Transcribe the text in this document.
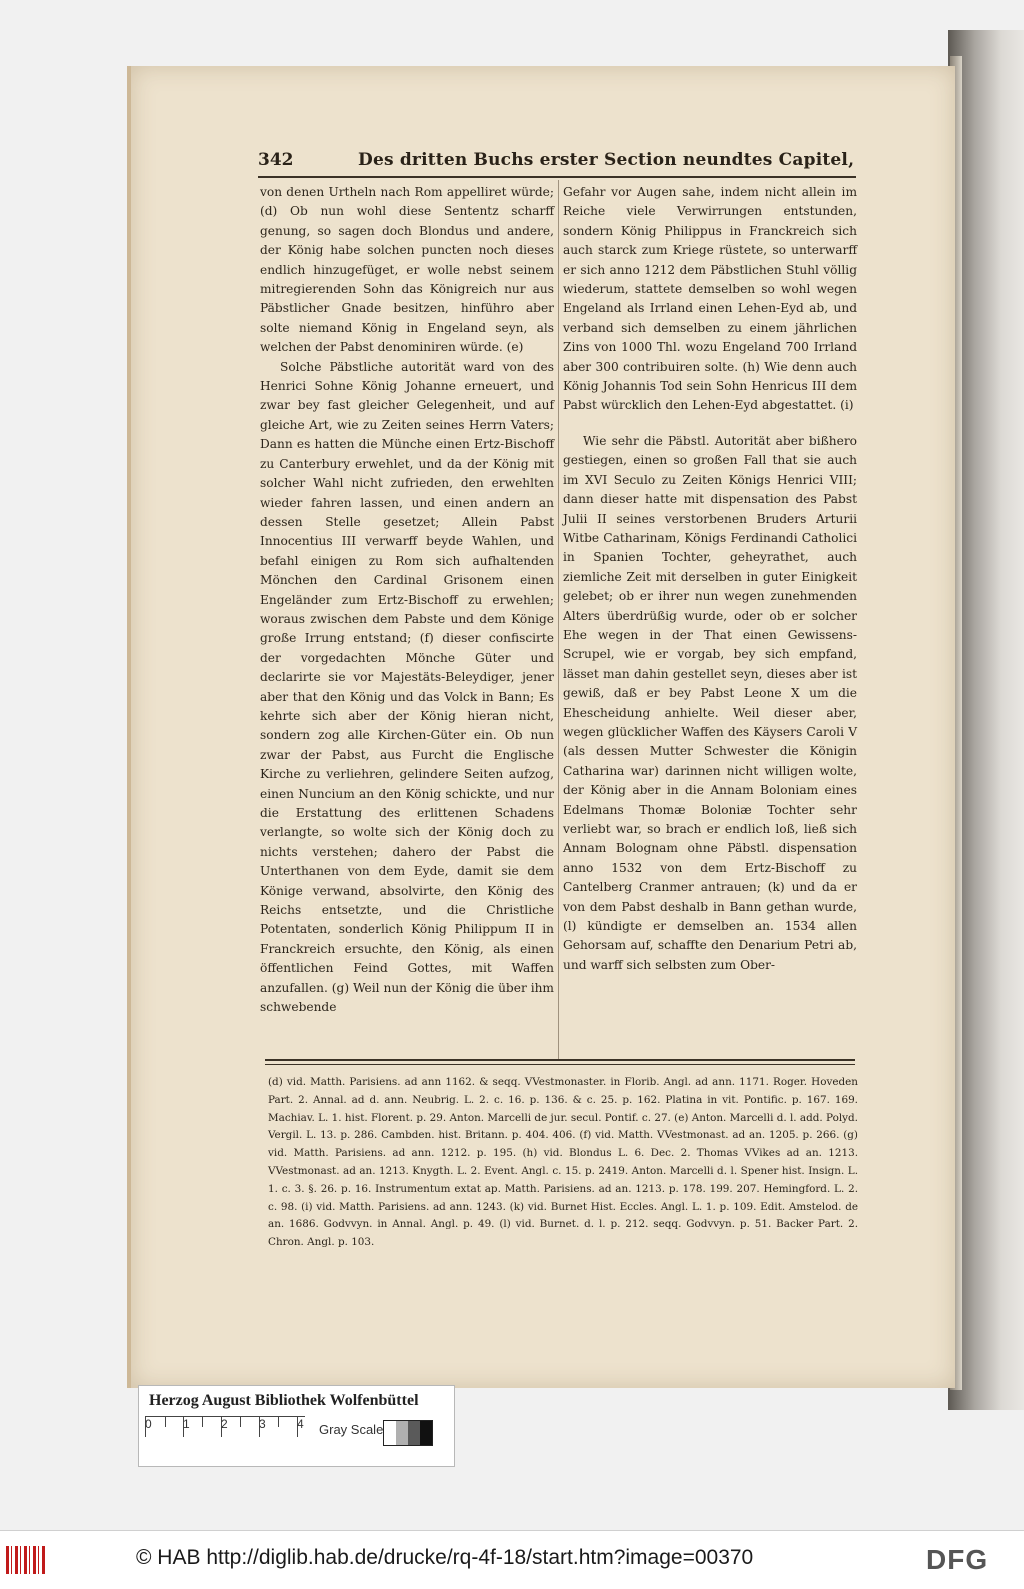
342	Des dritten Buchs erster Section neundtes Capitel,

von denen Urtheln nach Rom appelliret würde; (d) Ob nun wohl diese Sententz scharff genung, so sagen doch Blondus und andere, der König habe solchen puncten noch dieses endlich hinzugefüget, er wolle nebst seinem mitregierenden Sohn das Königreich nur aus Päbstlicher Gnade besitzen, hinführo aber solte niemand König in Engeland seyn, als welchen der Pabst denominiren würde. (e)

Solche Päbstliche autorität ward von des Henrici Sohne König Johanne erneuert, und zwar bey fast gleicher Gelegenheit, und auf gleiche Art, wie zu Zeiten seines Herrn Vaters; Dann es hatten die Münche einen Ertz-Bischoff zu Canterbury erwehlet, und da der König mit solcher Wahl nicht zufrieden, den erwehlten wieder fahren lassen, und einen andern an dessen Stelle gesetzet; Allein Pabst Innocentius III verwarff beyde Wahlen, und befahl einigen zu Rom sich aufhaltenden Mönchen den Cardinal Grisonem einen Engeländer zum Ertz-Bischoff zu erwehlen; woraus zwischen dem Pabste und dem Könige große Irrung entstand; (f) dieser confiscirte der vorgedachten Mönche Güter und declarirte sie vor Majestäts-Beleydiger, jener aber that den König und das Volck in Bann; Es kehrte sich aber der König hieran nicht, sondern zog alle Kirchen-Güter ein. Ob nun zwar der Pabst, aus Furcht die Englische Kirche zu verliehren, gelindere Seiten aufzog, einen Nuncium an den König schickte, und nur die Erstattung des erlittenen Schadens verlangte, so wolte sich der König doch zu nichts verstehen; dahero der Pabst die Unterthanen von dem Eyde, damit sie dem Könige verwand, absolvirte, den König des Reichs entsetzte, und die Christliche Potentaten, sonderlich König Philippum II in Franckreich ersuchte, den König, als einen öffentlichen Feind Gottes, mit Waffen anzufallen. (g) Weil nun der König die über ihm schwebende

Gefahr vor Augen sahe, indem nicht allein im Reiche viele Verwirrungen entstunden, sondern König Philippus in Franckreich sich auch starck zum Kriege rüstete, so unterwarff er sich anno 1212 dem Päbstlichen Stuhl völlig wiederum, stattete demselben so wohl wegen Engeland als Irrland einen Lehen-Eyd ab, und verband sich demselben zu einem jährlichen Zins von 1000 Thl. wozu Engeland 700 Irrland aber 300 contribuiren solte. (h) Wie denn auch König Johannis Tod sein Sohn Henricus III dem Pabst würcklich den Lehen-Eyd abgestattet. (i)

Wie sehr die Päbstl. Autorität aber bißhero gestiegen, einen so großen Fall that sie auch im XVI Seculo zu Zeiten Königs Henrici VIII; dann dieser hatte mit dispensation des Pabst Julii II seines verstorbenen Bruders Arturii Witbe Catharinam, Königs Ferdinandi Catholici in Spanien Tochter, geheyrathet, auch ziemliche Zeit mit derselben in guter Einigkeit gelebet; ob er ihrer nun wegen zunehmenden Alters überdrüßig wurde, oder ob er solcher Ehe wegen in der That einen Gewissens-Scrupel, wie er vorgab, bey sich empfand, lässet man dahin gestellet seyn, dieses aber ist gewiß, daß er bey Pabst Leone X um die Ehescheidung anhielte. Weil dieser aber, wegen glücklicher Waffen des Käysers Caroli V (als dessen Mutter Schwester die Königin Catharina war) darinnen nicht willigen wolte, der König aber in die Annam Boloniam eines Edelmans Thomæ Boloniæ Tochter sehr verliebt war, so brach er endlich loß, ließ sich Annam Bolognam ohne Päbstl. dispensation anno 1532 von dem Ertz-Bischoff zu Cantelberg Cranmer antrauen; (k) und da er von dem Pabst deshalb in Bann gethan wurde, (l) kündigte er demselben an. 1534 allen Gehorsam auf, schaffte den Denarium Petri ab, und warff sich selbsten zum Ober-

(d) vid. Matth. Parisiens. ad ann 1162. & seqq. VVestmonaster. in Florib. Angl. ad ann. 1171. Roger. Hoveden Part. 2. Annal. ad d. ann. Neubrig. L. 2. c. 16. p. 136. & c. 25. p. 162. Platina in vit. Pontific. p. 167. 169. Machiav. L. 1. hist. Florent. p. 29. Anton. Marcelli de jur. secul. Pontif. c. 27. (e) Anton. Marcelli d. l. add. Polyd. Vergil. L. 13. p. 286. Cambden. hist. Britann. p. 404. 406. (f) vid. Matth. VVestmonast. ad an. 1205. p. 266. (g) vid. Matth. Parisiens. ad ann. 1212. p. 195. (h) vid. Blondus L. 6. Dec. 2. Thomas VVikes ad an. 1213. VVestmonast. ad an. 1213. Knygth. L. 2. Event. Angl. c. 15. p. 2419. Anton. Marcelli d. l. Spener hist. Insign. L. 1. c. 3. §. 26. p. 16. Instrumentum extat ap. Matth. Parisiens. ad an. 1213. p. 178. 199. 207. Hemingford. L. 2. c. 98. (i) vid. Matth. Parisiens. ad ann. 1243. (k) vid. Burnet Hist. Eccles. Angl. L. 1. p. 109. Edit. Amstelod. de an. 1686. Godvvyn. in Annal. Angl. p. 49. (l) vid. Burnet. d. l. p. 212. seqq. Godvvyn. p. 51. Backer Part. 2. Chron. Angl. p. 103.

Herzog August Bibliothek Wolfenbüttel
0	1	2	3	4 Gray Scale
© HAB http://diglib.hab.de/drucke/rq-4f-18/start.htm?image=00370	DFG
